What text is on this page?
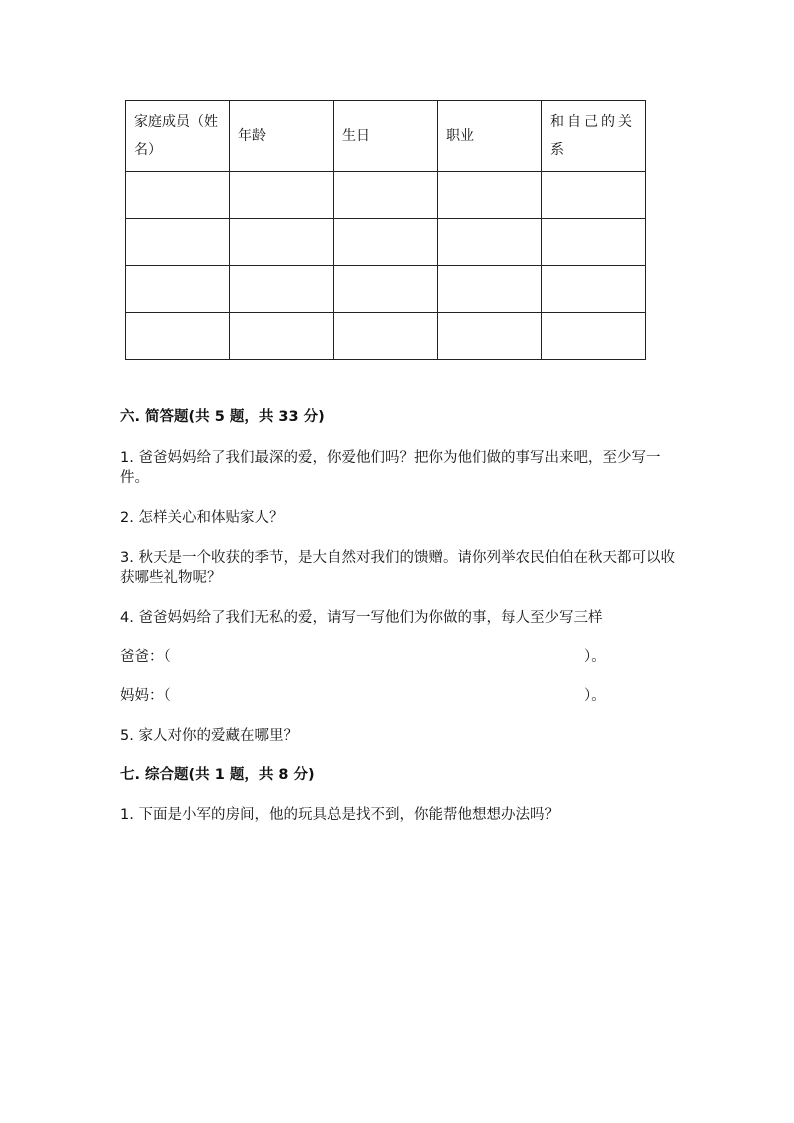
家庭成员（姓名）	年龄	生日	职业	和自己的关系

六. 简答题(共 5 题，共 33 分)
1. 爸爸妈妈给了我们最深的爱，你爱他们吗？把你为他们做的事写出来吧，至少写一件。
2. 怎样关心和体贴家人？
3. 秋天是一个收获的季节，是大自然对我们的馈赠。请你列举农民伯伯在秋天都可以收获哪些礼物呢？
4. 爸爸妈妈给了我们无私的爱，请写一写他们为你做的事，每人至少写三样
爸爸：（	）。
妈妈：（	）。
5. 家人对你的爱藏在哪里？
七. 综合题(共 1 题，共 8 分)
1. 下面是小军的房间，他的玩具总是找不到，你能帮他想想办法吗？
